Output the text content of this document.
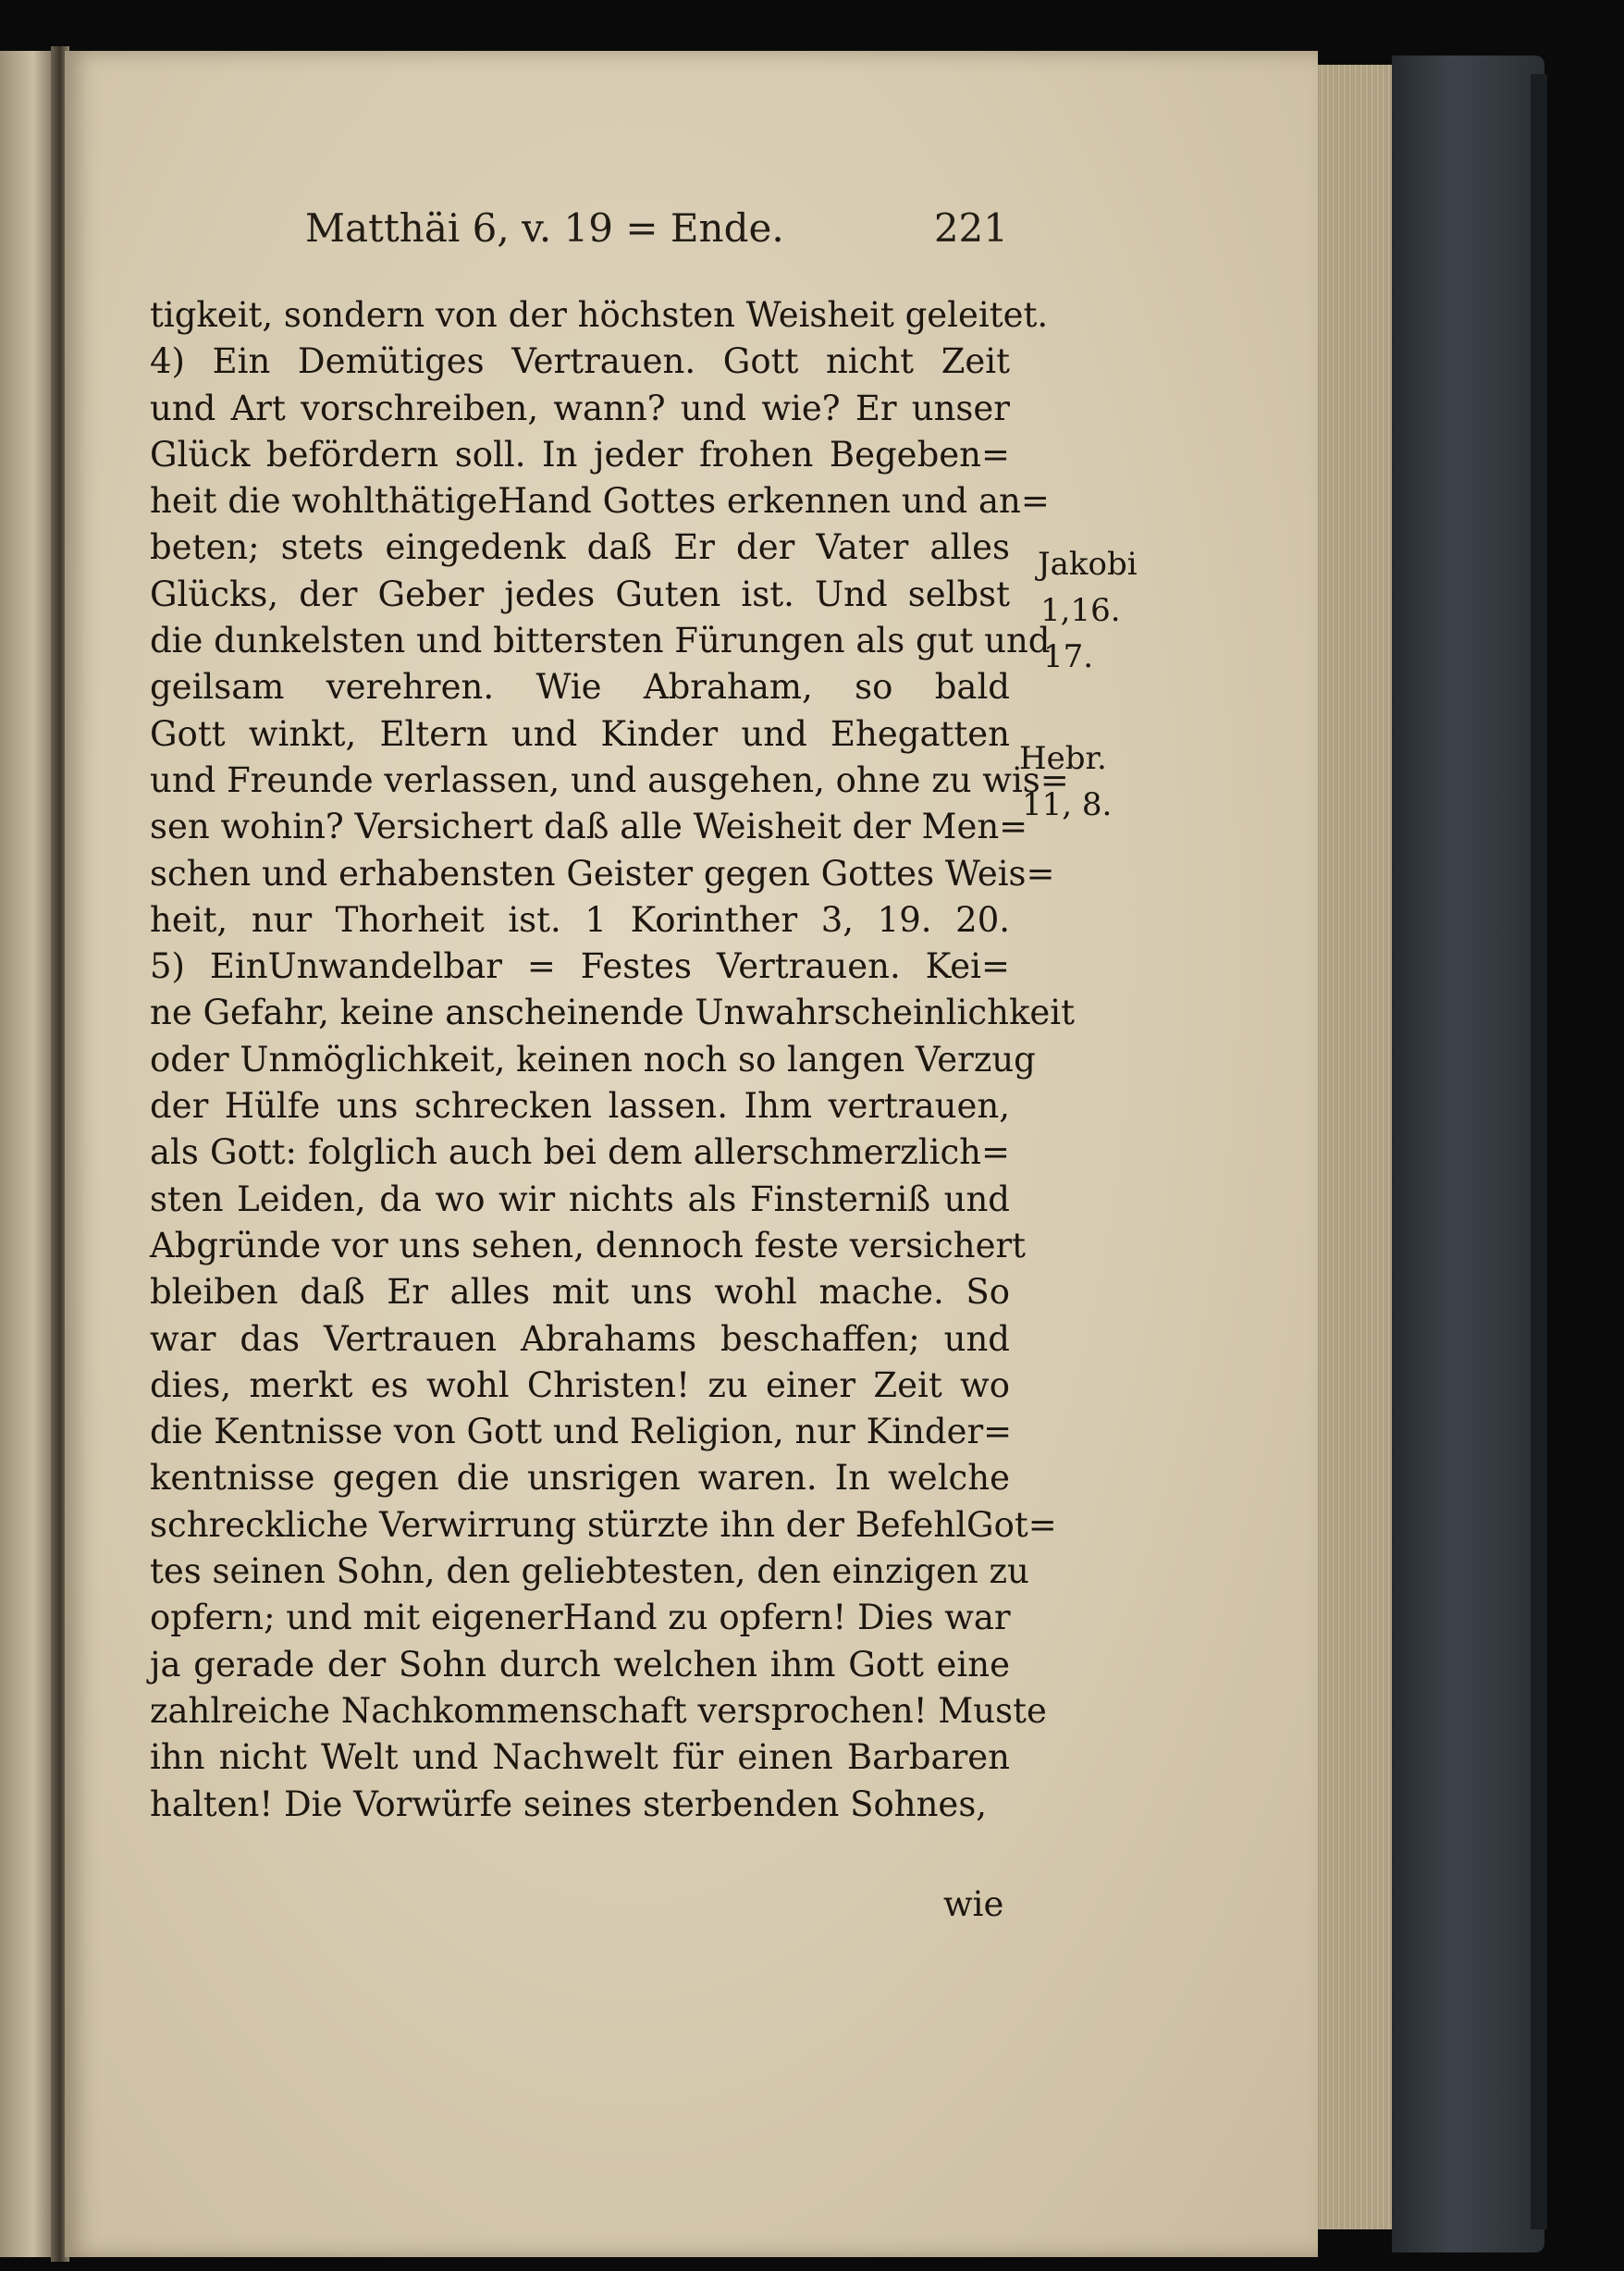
Matthäi 6, v. 19 = Ende.	221
tigkeit, sondern von der höchsten Weisheit geleitet.
4) Ein Demütiges Vertrauen. Gott nicht Zeit
und Art vorschreiben, wann? und wie? Er unser
Glück befördern soll. In jeder frohen Begeben=
heit die wohlthätigeHand Gottes erkennen und an=
beten; stets eingedenk daß Er der Vater alles
Glücks, der Geber jedes Guten ist. Und selbst
die dunkelsten und bittersten Fürungen als gut und
geilsam verehren. Wie Abraham, so bald
Gott winkt, Eltern und Kinder und Ehegatten
und Freunde verlassen, und ausgehen, ohne zu wis=
sen wohin? Versichert daß alle Weisheit der Men=
schen und erhabensten Geister gegen Gottes Weis=
heit, nur Thorheit ist. 1 Korinther 3, 19. 20.
5) EinUnwandelbar = Festes Vertrauen. Kei=
ne Gefahr, keine anscheinende Unwahrscheinlichkeit
oder Unmöglichkeit, keinen noch so langen Verzug
der Hülfe uns schrecken lassen. Ihm vertrauen,
als Gott: folglich auch bei dem allerschmerzlich=
sten Leiden, da wo wir nichts als Finsterniß und
Abgründe vor uns sehen, dennoch feste versichert
bleiben daß Er alles mit uns wohl mache. So
war das Vertrauen Abrahams beschaffen; und
dies, merkt es wohl Christen! zu einer Zeit wo
die Kentnisse von Gott und Religion, nur Kinder=
kentnisse gegen die unsrigen waren. In welche
schreckliche Verwirrung stürzte ihn der BefehlGot=
tes seinen Sohn, den geliebtesten, den einzigen zu
opfern; und mit eigenerHand zu opfern! Dies war
ja gerade der Sohn durch welchen ihm Gott eine
zahlreiche Nachkommenschaft versprochen! Muste
ihn nicht Welt und Nachwelt für einen Barbaren
halten! Die Vorwürfe seines sterbenden Sohnes,
wie
Jakobi
1,16.
17.
Hebr.
11, 8.
